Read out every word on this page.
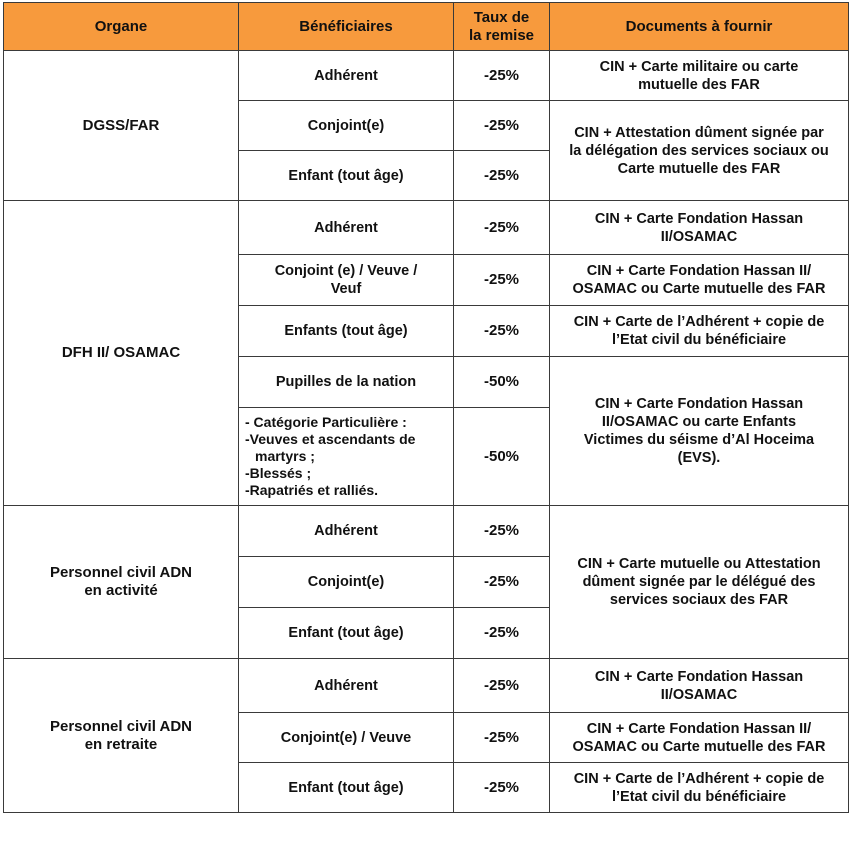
Organe	Bénéficiaires	Taux de
la remise	Documents à fournir
DGSS/FAR	Adhérent	-25%	CIN + Carte militaire ou carte
mutuelle des FAR
	Conjoint(e)	-25%	CIN + Attestation dûment signée par
la délégation des services sociaux ou
Carte mutuelle des FAR
	Enfant (tout âge)	-25%	
DFH II/ OSAMAC	Adhérent	-25%	CIN + Carte Fondation Hassan
II/OSAMAC
	Conjoint (e) / Veuve /
Veuf	-25%	CIN + Carte Fondation Hassan II/
OSAMAC ou Carte mutuelle des FAR
	Enfants (tout âge)	-25%	CIN + Carte de l’Adhérent + copie de
l’Etat civil du bénéficiaire
	Pupilles de la nation	-50%	CIN + Carte Fondation Hassan
II/OSAMAC ou carte Enfants
Victimes du séisme d’Al Hoceima
(EVS).

	- Catégorie Particulière :
-Veuves et ascendants de
martyrs ;
-Blessés ;
-Rapatriés et ralliés.	-50%	
Personnel civil ADN
en activité	Adhérent	-25%	CIN + Carte mutuelle ou Attestation
dûment signée par le délégué des
services sociaux des FAR
	Conjoint(e)	-25%	
	Enfant (tout âge)	-25%	
Personnel civil ADN
en retraite	Adhérent	-25%	CIN + Carte Fondation Hassan
II/OSAMAC
	Conjoint(e) / Veuve	-25%	CIN + Carte Fondation Hassan II/
OSAMAC ou Carte mutuelle des FAR
	Enfant (tout âge)	-25%	CIN + Carte de l’Adhérent + copie de
l’Etat civil du bénéficiaire
